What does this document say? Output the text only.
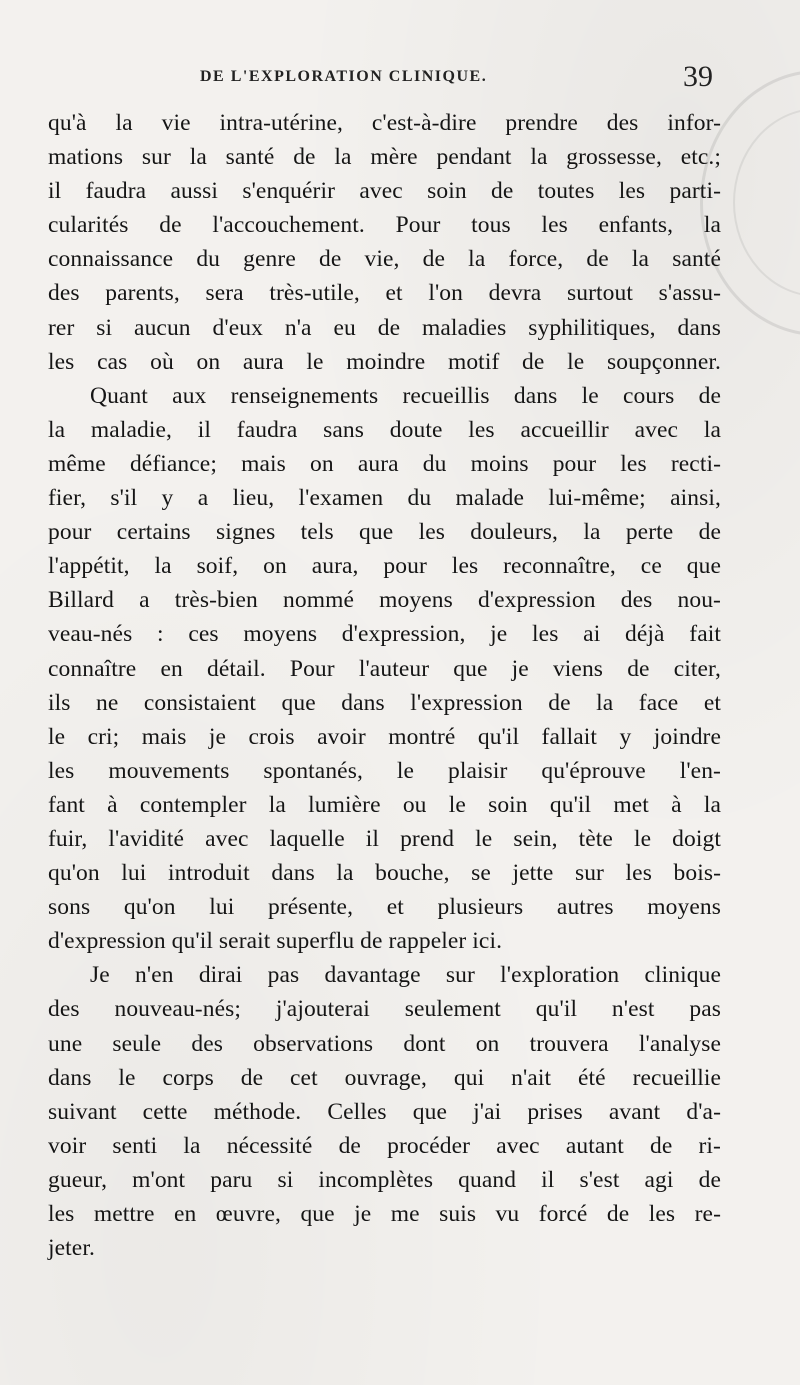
DE L'EXPLORATION CLINIQUE.	39
qu'à la vie intra-utérine, c'est-à-dire prendre des infor-
mations sur la santé de la mère pendant la grossesse, etc.;
il faudra aussi s'enquérir avec soin de toutes les parti-
cularités de l'accouchement. Pour tous les enfants, la
connaissance du genre de vie, de la force, de la santé
des parents, sera très-utile, et l'on devra surtout s'assu-
rer si aucun d'eux n'a eu de maladies syphilitiques, dans
les cas où on aura le moindre motif de le soupçonner.
Quant aux renseignements recueillis dans le cours de
la maladie, il faudra sans doute les accueillir avec la
même défiance; mais on aura du moins pour les recti-
fier, s'il y a lieu, l'examen du malade lui-même; ainsi,
pour certains signes tels que les douleurs, la perte de
l'appétit, la soif, on aura, pour les reconnaître, ce que
Billard a très-bien nommé moyens d'expression des nou-
veau-nés : ces moyens d'expression, je les ai déjà fait
connaître en détail. Pour l'auteur que je viens de citer,
ils ne consistaient que dans l'expression de la face et
le cri; mais je crois avoir montré qu'il fallait y joindre
les mouvements spontanés, le plaisir qu'éprouve l'en-
fant à contempler la lumière ou le soin qu'il met à la
fuir, l'avidité avec laquelle il prend le sein, tète le doigt
qu'on lui introduit dans la bouche, se jette sur les bois-
sons qu'on lui présente, et plusieurs autres moyens
d'expression qu'il serait superflu de rappeler ici.
Je n'en dirai pas davantage sur l'exploration clinique
des nouveau-nés; j'ajouterai seulement qu'il n'est pas
une seule des observations dont on trouvera l'analyse
dans le corps de cet ouvrage, qui n'ait été recueillie
suivant cette méthode. Celles que j'ai prises avant d'a-
voir senti la nécessité de procéder avec autant de ri-
gueur, m'ont paru si incomplètes quand il s'est agi de
les mettre en œuvre, que je me suis vu forcé de les re-
jeter.
